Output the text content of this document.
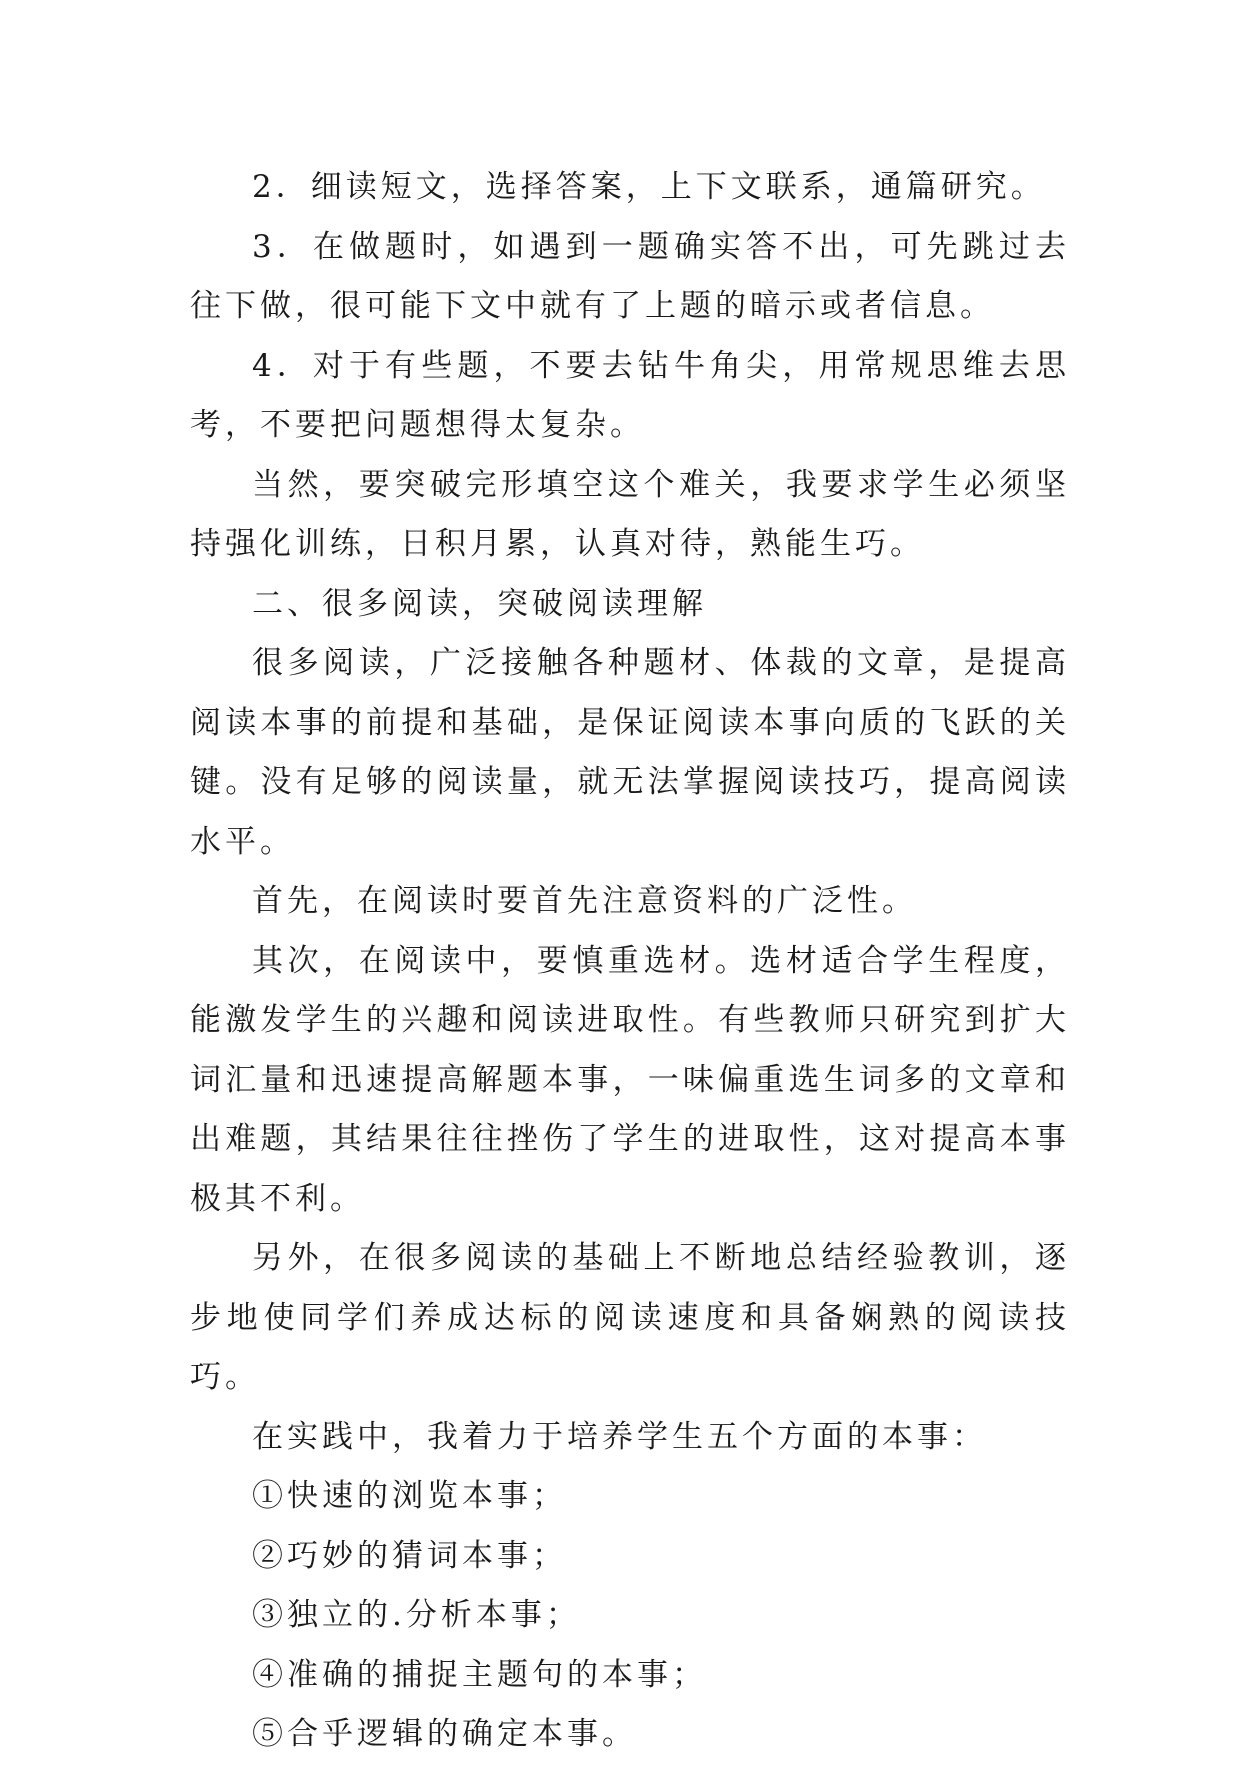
2．细读短文，选择答案，上下文联系，通篇研究。

3．在做题时，如遇到一题确实答不出，可先跳过去往下做，很可能下文中就有了上题的暗示或者信息。

4．对于有些题，不要去钻牛角尖，用常规思维去思考，不要把问题想得太复杂。

当然，要突破完形填空这个难关，我要求学生必须坚持强化训练，日积月累，认真对待，熟能生巧。

二、很多阅读，突破阅读理解

很多阅读，广泛接触各种题材、体裁的文章，是提高阅读本事的前提和基础，是保证阅读本事向质的飞跃的关键。没有足够的阅读量，就无法掌握阅读技巧，提高阅读水平。

首先，在阅读时要首先注意资料的广泛性。

其次，在阅读中，要慎重选材。选材适合学生程度，能激发学生的兴趣和阅读进取性。有些教师只研究到扩大词汇量和迅速提高解题本事，一味偏重选生词多的文章和出难题，其结果往往挫伤了学生的进取性，这对提高本事极其不利。

另外，在很多阅读的基础上不断地总结经验教训，逐步地使同学们养成达标的阅读速度和具备娴熟的阅读技巧。

在实践中，我着力于培养学生五个方面的本事：

①快速的浏览本事；

②巧妙的猜词本事；

③独立的.分析本事；

④准确的捕捉主题句的本事；

⑤合乎逻辑的确定本事。
